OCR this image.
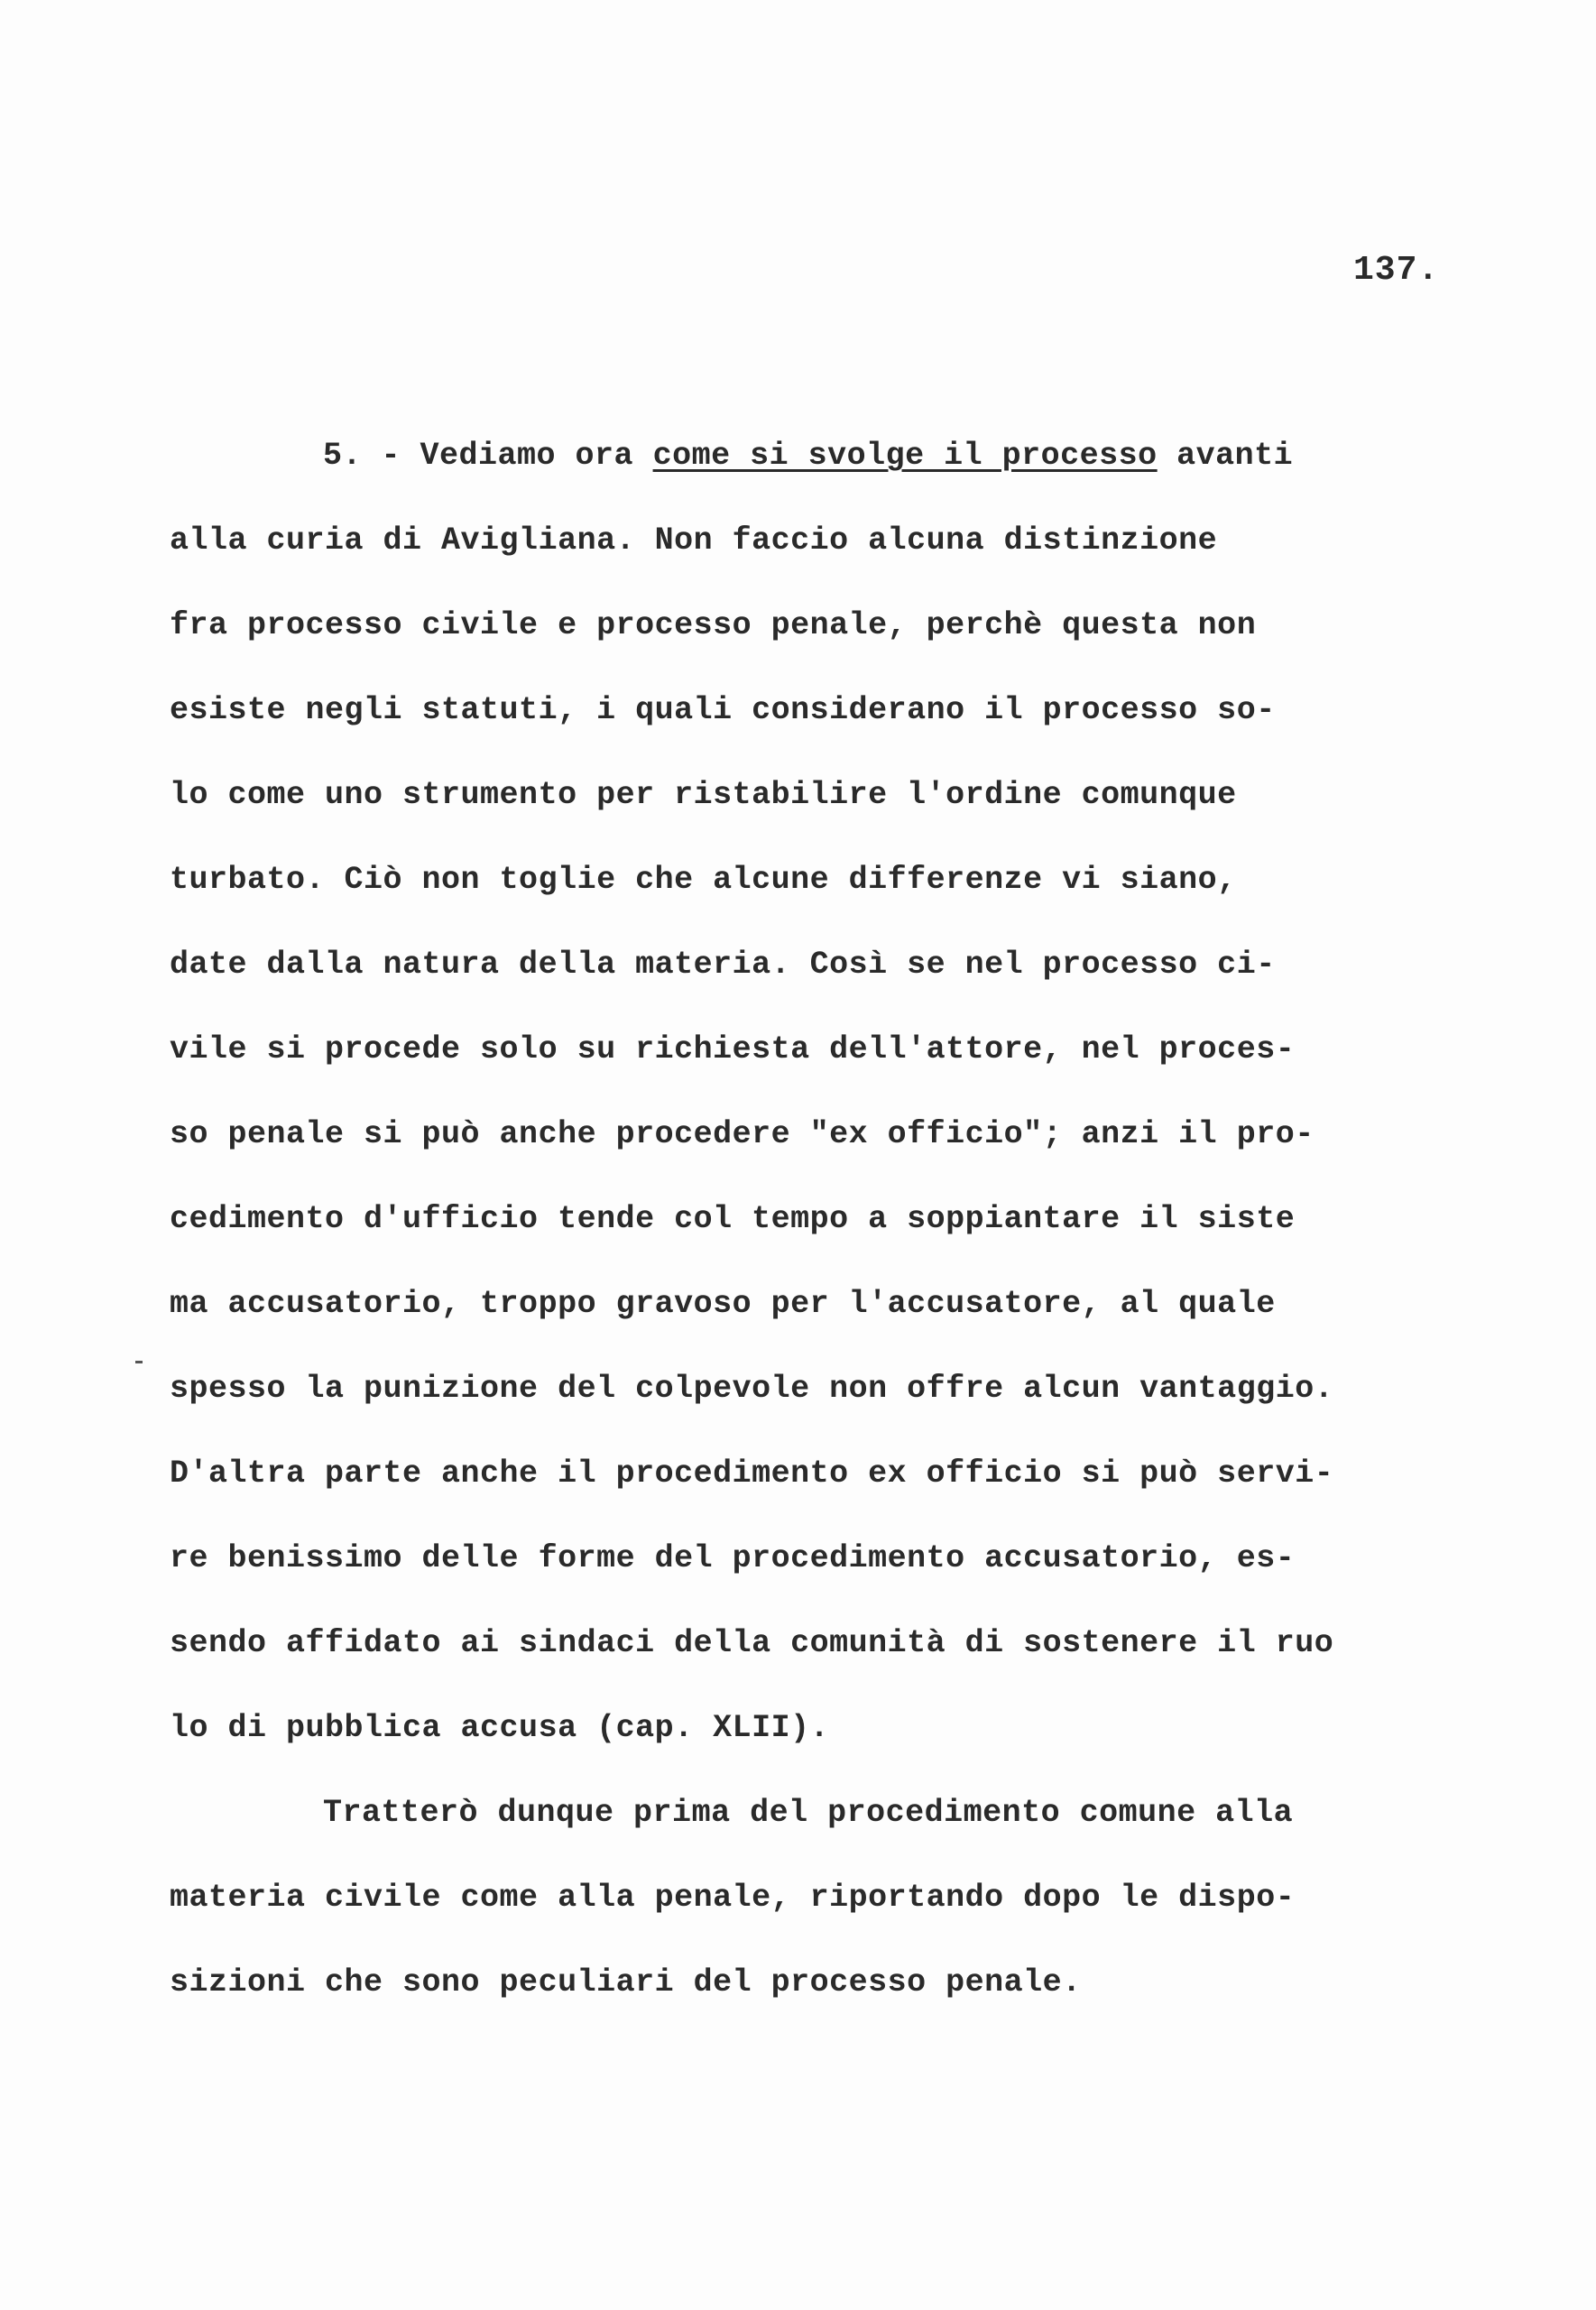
137.
5. - Vediamo ora come si svolge il processo avanti
alla curia di Avigliana. Non faccio alcuna distinzione
fra processo civile e processo penale, perchè questa non
esiste negli statuti, i quali considerano il processo so-
lo come uno strumento per ristabilire l'ordine comunque
turbato. Ciò non toglie che alcune differenze vi siano,
date dalla natura della materia. Così se nel processo ci-
vile si procede solo su richiesta dell'attore, nel proces-
so penale si può anche procedere "ex officio"; anzi il pro-
cedimento d'ufficio tende col tempo a soppiantare il siste
ma accusatorio, troppo gravoso per l'accusatore, al quale
spesso la punizione del colpevole non offre alcun vantaggio.
D'altra parte anche il procedimento ex officio si può servi-
re benissimo delle forme del procedimento accusatorio, es-
sendo affidato ai sindaci della comunità di sostenere il ruo
lo di pubblica accusa (cap. XLII).
Tratterò dunque prima del procedimento comune alla
materia civile come alla penale, riportando dopo le dispo-
sizioni che sono peculiari del processo penale.
